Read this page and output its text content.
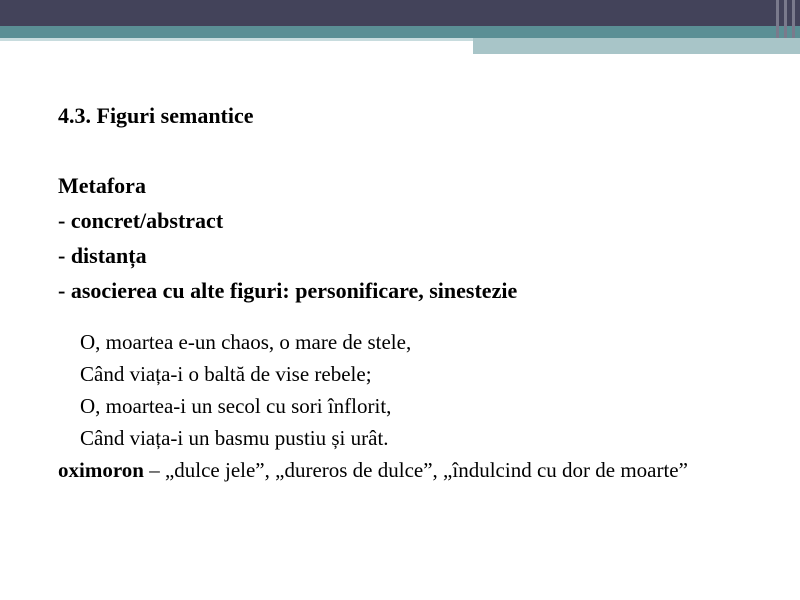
4.3. Figuri semantice
Metafora
- concret/abstract
- distanța
- asocierea cu alte figuri: personificare, sinestezie
O, moartea e-un chaos, o mare de stele,
Când viața-i o baltă de vise rebele;
O, moartea-i un secol cu sori înflorit,
Când viața-i un basmu pustiu și urât.
oximoron – „dulce jele”, „dureros de dulce”, „îndulcind cu dor de moarte”
